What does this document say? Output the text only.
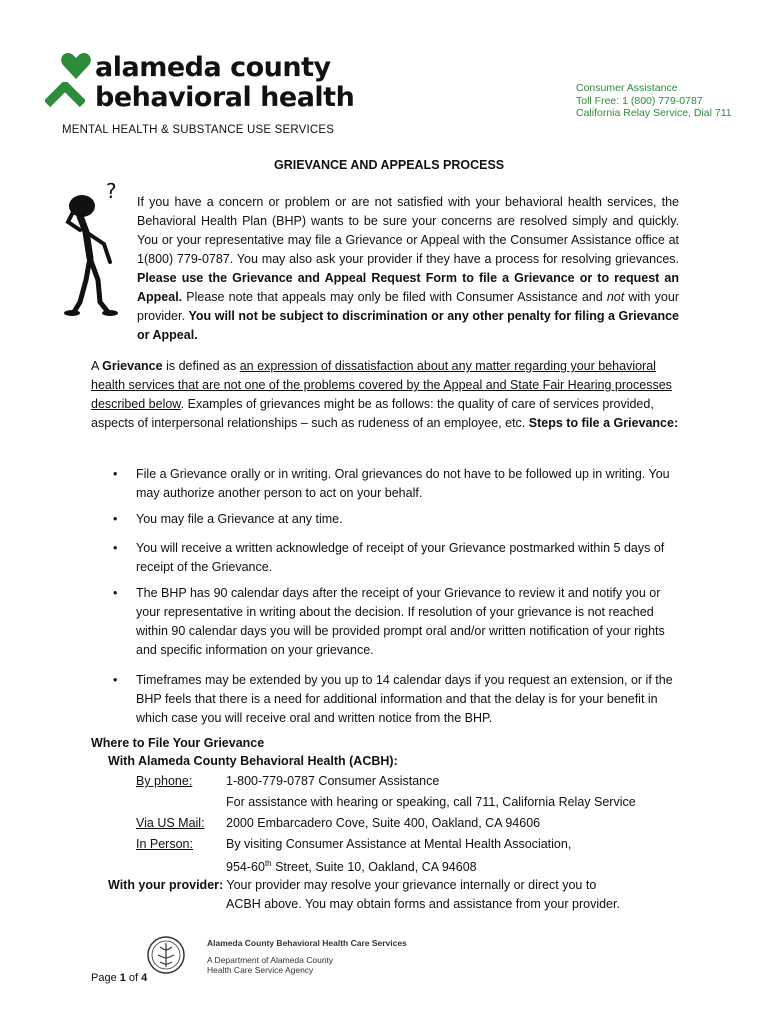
alameda county
behavioral health
MENTAL HEALTH & SUBSTANCE USE SERVICES
Consumer Assistance
Toll Free: 1 (800) 779-0787
California Relay Service, Dial 711
GRIEVANCE AND APPEALS PROCESS
? If you have a concern or problem or are not satisfied with your behavioral health services, the Behavioral Health Plan (BHP) wants to be sure your concerns are resolved simply and quickly. You or your representative may file a Grievance or Appeal with the Consumer Assistance office at 1(800) 779-0787. You may also ask your provider if they have a process for resolving grievances. Please use the Grievance and Appeal Request Form to file a Grievance or to request an Appeal. Please note that appeals may only be filed with Consumer Assistance and not with your provider. You will not be subject to discrimination or any other penalty for filing a Grievance or Appeal.
A Grievance is defined as an expression of dissatisfaction about any matter regarding your behavioral health services that are not one of the problems covered by the Appeal and State Fair Hearing processes described below. Examples of grievances might be as follows: the quality of care of services provided, aspects of interpersonal relationships – such as rudeness of an employee, etc. Steps to file a Grievance:
• File a Grievance orally or in writing. Oral grievances do not have to be followed up in writing. You may authorize another person to act on your behalf.
• You may file a Grievance at any time.
• You will receive a written acknowledge of receipt of your Grievance postmarked within 5 days of receipt of the Grievance.
• The BHP has 90 calendar days after the receipt of your Grievance to review it and notify you or your representative in writing about the decision. If resolution of your grievance is not reached within 90 calendar days you will be provided prompt oral and/or written notification of your rights and specific information on your grievance.
• Timeframes may be extended by you up to 14 calendar days if you request an extension, or if the BHP feels that there is a need for additional information and that the delay is for your benefit in which case you will receive oral and written notice from the BHP.
Where to File Your Grievance
With Alameda County Behavioral Health (ACBH):
By phone:	1-800-779-0787 Consumer Assistance
For assistance with hearing or speaking, call 711, California Relay Service
Via US Mail:	2000 Embarcadero Cove, Suite 400, Oakland, CA 94606
In Person:	By visiting Consumer Assistance at Mental Health Association,
954-60th Street, Suite 10, Oakland, CA 94608
With your provider: Your provider may resolve your grievance internally or direct you to
ACBH above. You may obtain forms and assistance from your provider.
Alameda County Behavioral Health Care Services
A Department of Alameda County
Health Care Service Agency
Page 1 of 4
